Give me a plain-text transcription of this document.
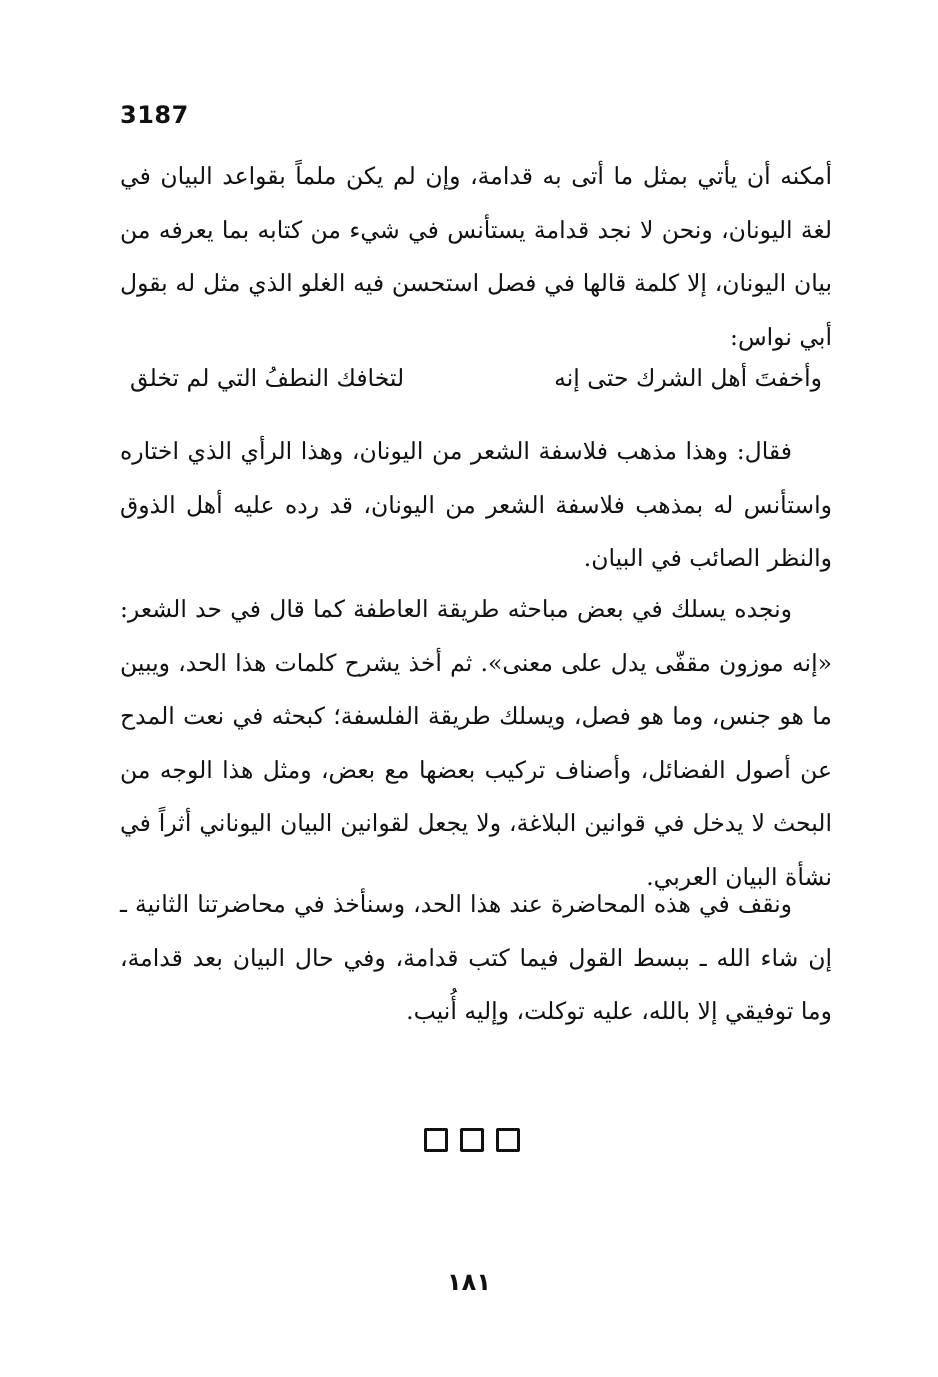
3187

أمكنه أن يأتي بمثل ما أتى به قدامة، وإن لم يكن ملماً بقواعد البيان في لغة اليونان، ونحن لا نجد قدامة يستأنس في شيء من كتابه بما يعرفه من بيان اليونان، إلا كلمة قالها في فصل استحسن فيه الغلو الذي مثل له بقول أبي نواس:

وأخفتَ أهل الشرك حتى إنه
لتخافك النطفُ التي لم تخلق

فقال: وهذا مذهب فلاسفة الشعر من اليونان، وهذا الرأي الذي اختاره واستأنس له بمذهب فلاسفة الشعر من اليونان، قد رده عليه أهل الذوق والنظر الصائب في البيان.

ونجده يسلك في بعض مباحثه طريقة العاطفة كما قال في حد الشعر: «إنه موزون مقفّى يدل على معنى». ثم أخذ يشرح كلمات هذا الحد، ويبين ما هو جنس، وما هو فصل، ويسلك طريقة الفلسفة؛ كبحثه في نعت المدح عن أصول الفضائل، وأصناف تركيب بعضها مع بعض، ومثل هذا الوجه من البحث لا يدخل في قوانين البلاغة، ولا يجعل لقوانين البيان اليوناني أثراً في نشأة البيان العربي.

ونقف في هذه المحاضرة عند هذا الحد، وسنأخذ في محاضرتنا الثانية ـ إن شاء الله ـ ببسط القول فيما كتب قدامة، وفي حال البيان بعد قدامة، وما توفيقي إلا بالله، عليه توكلت، وإليه أُنيب.

١٨١
